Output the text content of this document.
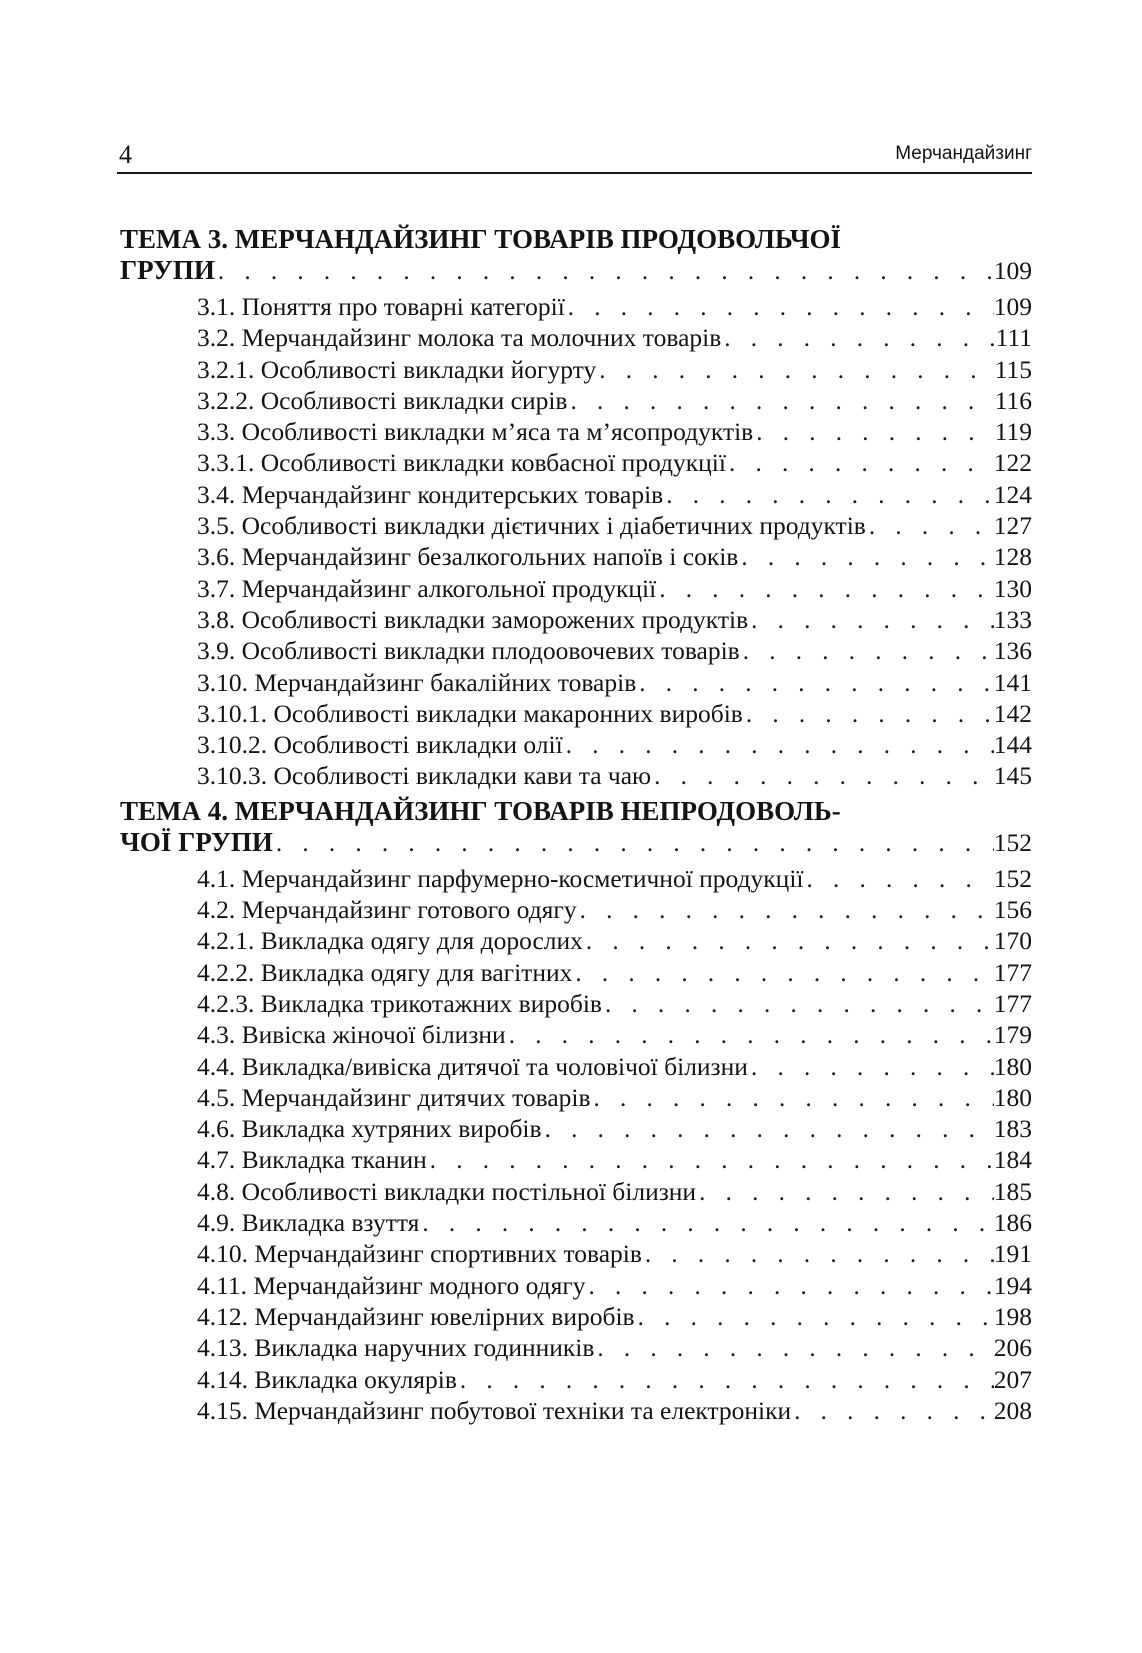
4	Мерчандайзинг
ТЕМА 3. МЕРЧАНДАЙЗИНГ ТОВАРІВ ПРОДОВОЛЬЧОЇ
ГРУПИ . . .	109
3.1. Поняття про товарні категорії . . .	109
3.2. Мерчандайзинг молока та молочних товарів . . .	111
3.2.1. Особливості викладки йогурту . . .	115
3.2.2. Особливості викладки сирів . . .	116
3.3. Особливості викладки м’яса та м’ясопродуктів . . .	119
3.3.1. Особливості викладки ковбасної продукції . . .	122
3.4. Мерчандайзинг кондитерських товарів . . .	124
3.5. Особливості викладки дієтичних і діабетичних продуктів . . .	127
3.6. Мерчандайзинг безалкогольних напоїв і соків . . .	128
3.7. Мерчандайзинг алкогольної продукції . . .	130
3.8. Особливості викладки заморожених продуктів . . .	133
3.9. Особливості викладки плодоовочевих товарів . . .	136
3.10. Мерчандайзинг бакалійних товарів . . .	141
3.10.1. Особливості викладки макаронних виробів . . .	142
3.10.2. Особливості викладки олії . . .	144
3.10.3. Особливості викладки кави та чаю . . .	145
ТЕМА 4. МЕРЧАНДАЙЗИНГ ТОВАРІВ НЕПРОДОВОЛЬ-
ЧОЇ ГРУПИ . . .	152
4.1. Мерчандайзинг парфумерно-косметичної продукції . . .	152
4.2. Мерчандайзинг готового одягу . . .	156
4.2.1. Викладка одягу для дорослих . . .	170
4.2.2. Викладка одягу для вагітних . . .	177
4.2.3. Викладка трикотажних виробів . . .	177
4.3. Вивіска жіночої білизни . . .	179
4.4. Викладка/вивіска дитячої та чоловічої білизни . . .	180
4.5. Мерчандайзинг дитячих товарів . . .	180
4.6. Викладка хутряних виробів . . .	183
4.7. Викладка тканин . . .	184
4.8. Особливості викладки постільної білизни . . .	185
4.9. Викладка взуття . . .	186
4.10. Мерчандайзинг спортивних товарів . . .	191
4.11. Мерчандайзинг модного одягу . . .	194
4.12. Мерчандайзинг ювелірних виробів . . .	198
4.13. Викладка наручних годинників . . .	206
4.14. Викладка окулярів . . .	207
4.15. Мерчандайзинг побутової техніки та електроніки . . .	208
